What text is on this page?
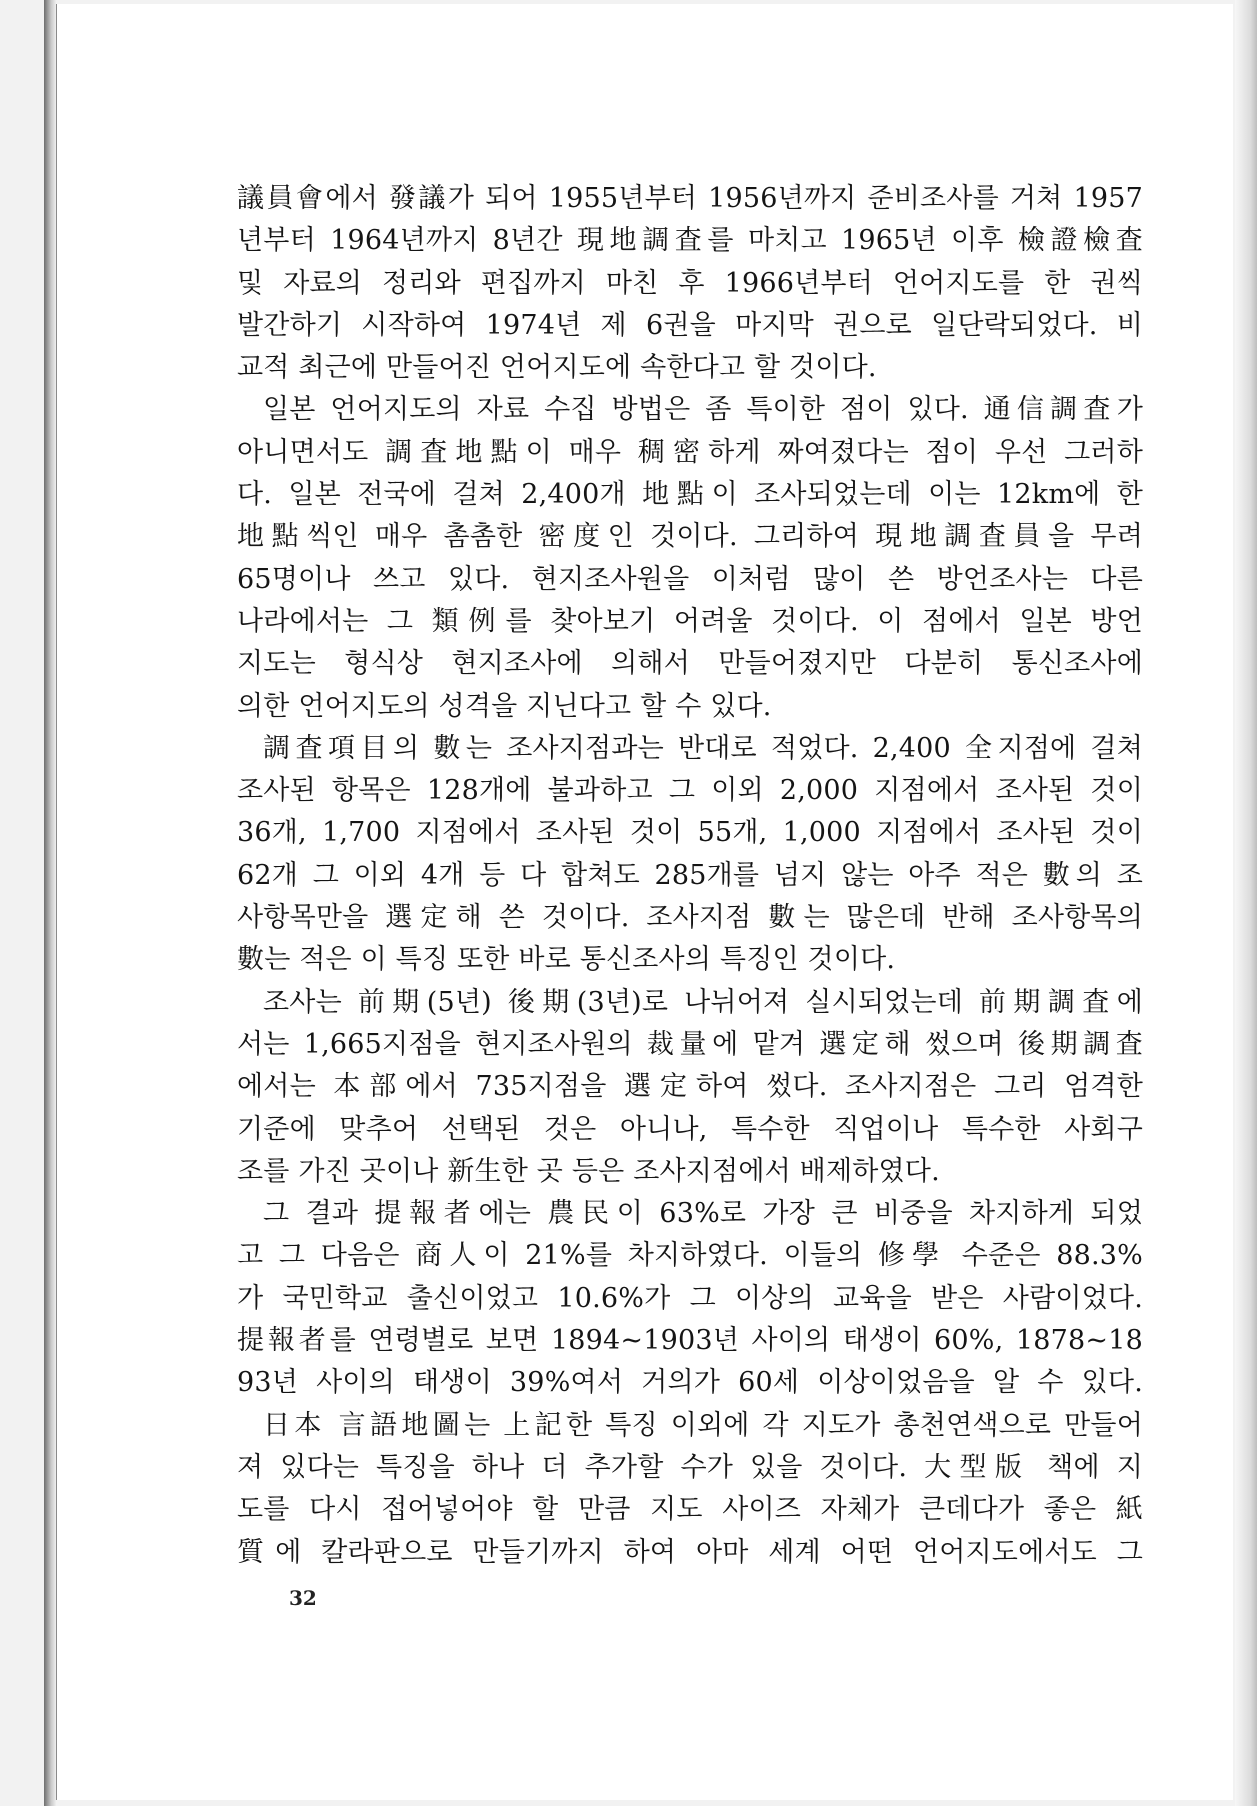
議員會에서 發議가 되어 1955년부터 1956년까지 준비조사를 거쳐 1957
년부터 1964년까지 8년간 現地調査를 마치고 1965년 이후 檢證檢査
및 자료의 정리와 편집까지 마친 후 1966년부터 언어지도를 한 권씩
발간하기 시작하여 1974년 제 6권을 마지막 권으로 일단락되었다. 비
교적 최근에 만들어진 언어지도에 속한다고 할 것이다.
일본 언어지도의 자료 수집 방법은 좀 특이한 점이 있다. 通信調査가
아니면서도 調査地點이 매우 稠密하게 짜여졌다는 점이 우선 그러하
다. 일본 전국에 걸쳐 2,400개 地點이 조사되었는데 이는 12km에 한
地點씩인 매우 촘촘한 密度인 것이다. 그리하여 現地調査員을 무려
65명이나 쓰고 있다. 현지조사원을 이처럼 많이 쓴 방언조사는 다른
나라에서는 그 類例를 찾아보기 어려울 것이다. 이 점에서 일본 방언
지도는 형식상 현지조사에 의해서 만들어졌지만 다분히 통신조사에
의한 언어지도의 성격을 지닌다고 할 수 있다.
調査項目의 數는 조사지점과는 반대로 적었다. 2,400 全지점에 걸쳐
조사된 항목은 128개에 불과하고 그 이외 2,000 지점에서 조사된 것이
36개, 1,700 지점에서 조사된 것이 55개, 1,000 지점에서 조사된 것이
62개 그 이외 4개 등 다 합쳐도 285개를 넘지 않는 아주 적은 數의 조
사항목만을 選定해 쓴 것이다. 조사지점 數는 많은데 반해 조사항목의
數는 적은 이 특징 또한 바로 통신조사의 특징인 것이다.
조사는 前期(5년) 後期(3년)로 나뉘어져 실시되었는데 前期調査에
서는 1,665지점을 현지조사원의 裁量에 맡겨 選定해 썼으며 後期調査
에서는 本部에서 735지점을 選定하여 썼다. 조사지점은 그리 엄격한
기준에 맞추어 선택된 것은 아니나, 특수한 직업이나 특수한 사회구
조를 가진 곳이나 新生한 곳 등은 조사지점에서 배제하였다.
그 결과 提報者에는 農民이 63%로 가장 큰 비중을 차지하게 되었
고 그 다음은 商人이 21%를 차지하였다. 이들의 修學 수준은 88.3%
가 국민학교 출신이었고 10.6%가 그 이상의 교육을 받은 사람이었다.
提報者를 연령별로 보면 1894~1903년 사이의 태생이 60%, 1878~18
93년 사이의 태생이 39%여서 거의가 60세 이상이었음을 알 수 있다.
日本 言語地圖는 上記한 특징 이외에 각 지도가 총천연색으로 만들어
져 있다는 특징을 하나 더 추가할 수가 있을 것이다. 大型版 책에 지
도를 다시 접어넣어야 할 만큼 지도 사이즈 자체가 큰데다가 좋은 紙
質에 칼라판으로 만들기까지 하여 아마 세계 어떤 언어지도에서도 그
32
